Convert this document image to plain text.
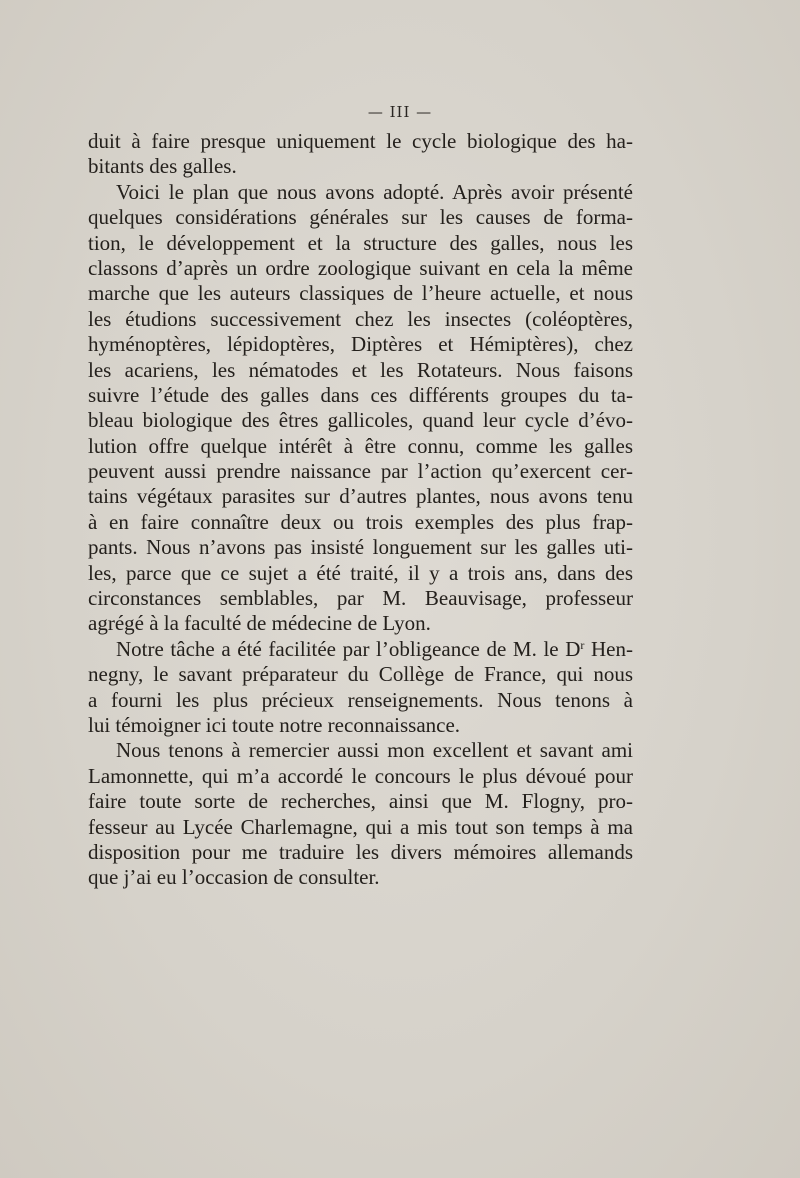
— III —
duit à faire presque uniquement le cycle biologique des ha-
bitants des galles.
Voici le plan que nous avons adopté. Après avoir présenté
quelques considérations générales sur les causes de forma-
tion, le développement et la structure des galles, nous les
classons d’après un ordre zoologique suivant en cela la même
marche que les auteurs classiques de l’heure actuelle, et nous
les étudions successivement chez les insectes (coléoptères,
hyménoptères, lépidoptères, Diptères et Hémiptères), chez
les acariens, les nématodes et les Rotateurs. Nous faisons
suivre l’étude des galles dans ces différents groupes du ta-
bleau biologique des êtres gallicoles, quand leur cycle d’évo-
lution offre quelque intérêt à être connu, comme les galles
peuvent aussi prendre naissance par l’action qu’exercent cer-
tains végétaux parasites sur d’autres plantes, nous avons tenu
à en faire connaître deux ou trois exemples des plus frap-
pants. Nous n’avons pas insisté longuement sur les galles uti-
les, parce que ce sujet a été traité, il y a trois ans, dans des
circonstances semblables, par M. Beauvisage, professeur
agrégé à la faculté de médecine de Lyon.
Notre tâche a été facilitée par l’obligeance de M. le $D^r$ Hen-
negny, le savant préparateur du Collège de France, qui nous
a fourni les plus précieux renseignements. Nous tenons à
lui témoigner ici toute notre reconnaissance.
Nous tenons à remercier aussi mon excellent et savant ami
Lamonnette, qui m’a accordé le concours le plus dévoué pour
faire toute sorte de recherches, ainsi que M. Flogny, pro-
fesseur au Lycée Charlemagne, qui a mis tout son temps à ma
disposition pour me traduire les divers mémoires allemands
que j’ai eu l’occasion de consulter.
